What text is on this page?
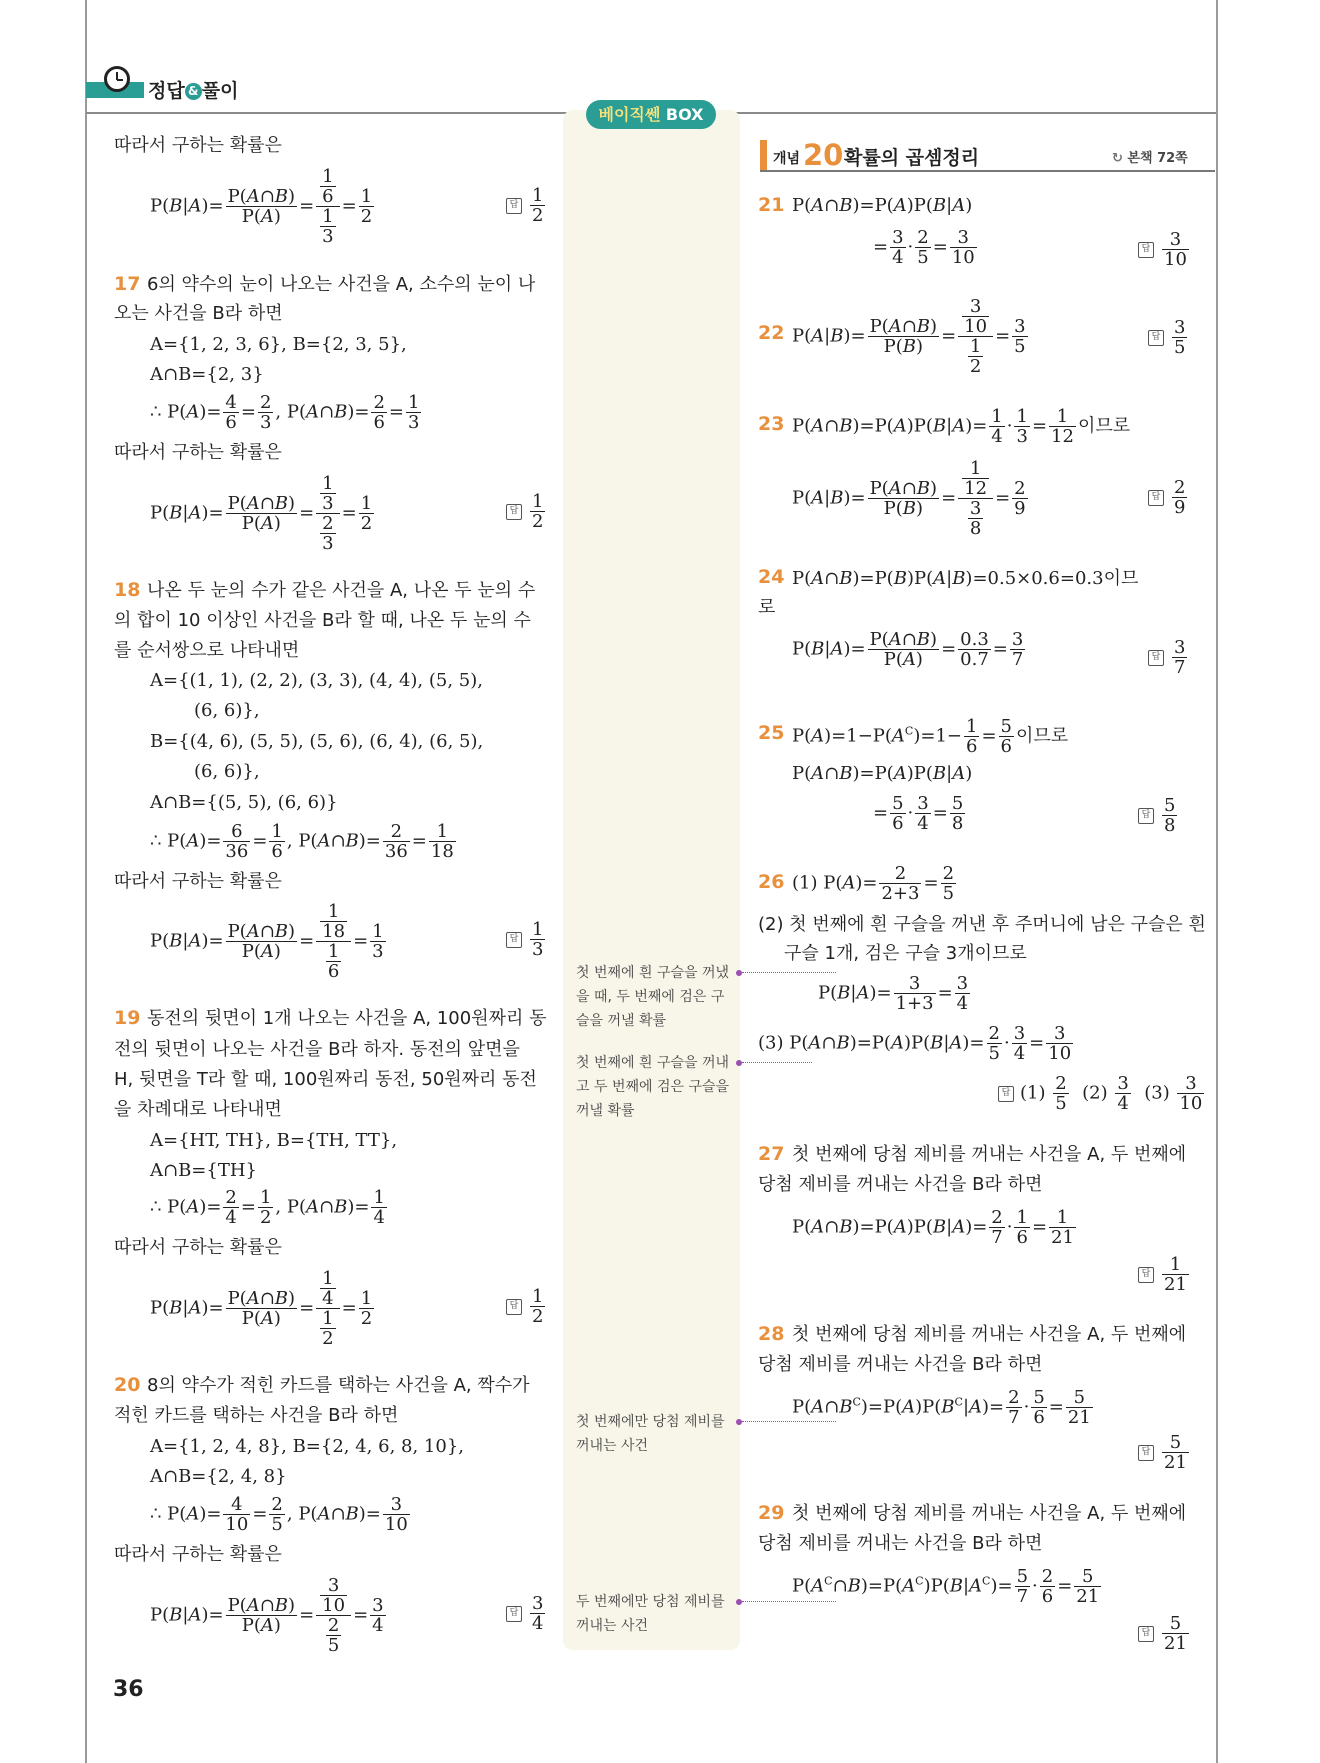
정답 & 풀이
베이직쎈 BOX
따라서 구하는 확률은
$P(B|A)= \frac{P(A\cap B)}{P(A)} = \frac{\frac{1}{6}}{\frac{1}{3}} = \frac{1}{2}$	답 $\frac{1}{2}$
17 6의 약수의 눈이 나오는 사건을 A, 소수의 눈이 나
오는 사건을 B라 하면
A={1, 2, 3, 6}, B={2, 3, 5},
A∩B={2, 3}
∴ $P(A)= \frac{4}{6} = \frac{2}{3}$ , P(A∩B)= $\frac{2}{6} = \frac{1}{3}$
따라서 구하는 확률은
$P(B|A)= \frac{P(A\cap B)}{P(A)} = \frac{\frac{1}{3}}{\frac{2}{3}} = \frac{1}{2}$	답 $\frac{1}{2}$
18 나온 두 눈의 수가 같은 사건을 A, 나온 두 눈의 수
의 합이 10 이상인 사건을 B라 할 때, 나온 두 눈의 수
를 순서쌍으로 나타내면
A={(1, 1), (2, 2), (3, 3), (4, 4), (5, 5),
(6, 6)},
B={(4, 6), (5, 5), (5, 6), (6, 4), (6, 5),
(6, 6)},
A∩B={(5, 5), (6, 6)}
∴ $P(A)= \frac{6}{36} = \frac{1}{6}$ , P(A∩B)= $\frac{2}{36} = \frac{1}{18}$
따라서 구하는 확률은
$P(B|A)= \frac{P(A\cap B)}{P(A)} = \frac{\frac{1}{18}}{\frac{1}{6}} = \frac{1}{3}$	답 $\frac{1}{3}$
19 동전의 뒷면이 1개 나오는 사건을 A, 100원짜리 동
전의 뒷면이 나오는 사건을 B라 하자. 동전의 앞면을
H, 뒷면을 T라 할 때, 100원짜리 동전, 50원짜리 동전
을 차례대로 나타내면
A={HT, TH}, B={TH, TT},
A∩B={TH}
∴ $P(A)= \frac{2}{4} = \frac{1}{2}$ , P(A∩B)= $\frac{1}{4}$
따라서 구하는 확률은
$P(B|A)= \frac{P(A\cap B)}{P(A)} = \frac{\frac{1}{4}}{\frac{1}{2}} = \frac{1}{2}$	답 $\frac{1}{2}$
20 8의 약수가 적힌 카드를 택하는 사건을 A, 짝수가
적힌 카드를 택하는 사건을 B라 하면
A={1, 2, 4, 8}, B={2, 4, 6, 8, 10},
A∩B={2, 4, 8}
∴ $P(A)= \frac{4}{10} = \frac{2}{5}$ , P(A∩B)= $\frac{3}{10}$
따라서 구하는 확률은
$P(B|A)= \frac{P(A\cap B)}{P(A)} = \frac{\frac{3}{10}}{\frac{2}{5}} = \frac{3}{4}$	답 $\frac{3}{4}$
36
첫 번째에 흰 구슬을 꺼냈을 때, 두 번째에 검은 구슬을 꺼낼 확률
첫 번째에 흰 구슬을 꺼내고 두 번째에 검은 구슬을 꺼낼 확률
첫 번째에만 당첨 제비를 꺼내는 사건
두 번째에만 당첨 제비를 꺼내는 사건
개념 20 확률의 곱셈정리	↻ 본책 72쪽
21 P(A∩B)=P(A)P(B|A)
= $\frac{3}{4} \cdot \frac{2}{5} = \frac{3}{10}$	답 $\frac{3}{10}$
22 $P(A|B)= \frac{P(A\cap B)}{P(B)} = \frac{\frac{3}{10}}{\frac{1}{2}} = \frac{3}{5}$	답 $\frac{3}{5}$
23 P(A∩B)=P(A)P(B|A)= $\frac{1}{4} \cdot \frac{1}{3} = \frac{1}{12}$ 이므로
$P(A|B)= \frac{P(A\cap B)}{P(B)} = \frac{\frac{1}{12}}{\frac{3}{8}} = \frac{2}{9}$	답 $\frac{2}{9}$
24 P(A∩B)=P(B)P(A|B)=0.5×0.6=0.3이므
로
$P(B|A)= \frac{P(A\cap B)}{P(A)} = \frac{0.3}{0.7} = \frac{3}{7}$	답 $\frac{3}{7}$
25 $P(A)=1-P(A^C)=1- \frac{1}{6} = \frac{5}{6}$ 이므로
P(A∩B)=P(A)P(B|A)
= $\frac{5}{6} \cdot \frac{3}{4} = \frac{5}{8}$	답 $\frac{5}{8}$
26 (1) $P(A)= \frac{2}{2+3} = \frac{2}{5}$
(2) 첫 번째에 흰 구슬을 꺼낸 후 주머니에 남은 구슬은 흰
구슬 1개, 검은 구슬 3개이므로
$P(B|A)= \frac{3}{1+3} = \frac{3}{4}$
(3) P(A∩B)=P(A)P(B|A)= $\frac{2}{5} \cdot \frac{3}{4} = \frac{3}{10}$
답 $(1) \frac{2}{5} (2) \frac{3}{4} (3) \frac{3}{10}$
27 첫 번째에 당첨 제비를 꺼내는 사건을 A, 두 번째에
당첨 제비를 꺼내는 사건을 B라 하면
P(A∩B)=P(A)P(B|A)= $\frac{2}{7} \cdot \frac{1}{6} = \frac{1}{21}$
답 $\frac{1}{21}$
28 첫 번째에 당첨 제비를 꺼내는 사건을 A, 두 번째에
당첨 제비를 꺼내는 사건을 B라 하면
$P(A\cap B^C)=P(A)P(B^C|A)= \frac{2}{7} \cdot \frac{5}{6} = \frac{5}{21}$
답 $\frac{5}{21}$
29 첫 번째에 당첨 제비를 꺼내는 사건을 A, 두 번째에
당첨 제비를 꺼내는 사건을 B라 하면
$P(A^C\cap B)=P(A^C)P(B|A^C)= \frac{5}{7} \cdot \frac{2}{6} = \frac{5}{21}$
답 $\frac{5}{21}$
